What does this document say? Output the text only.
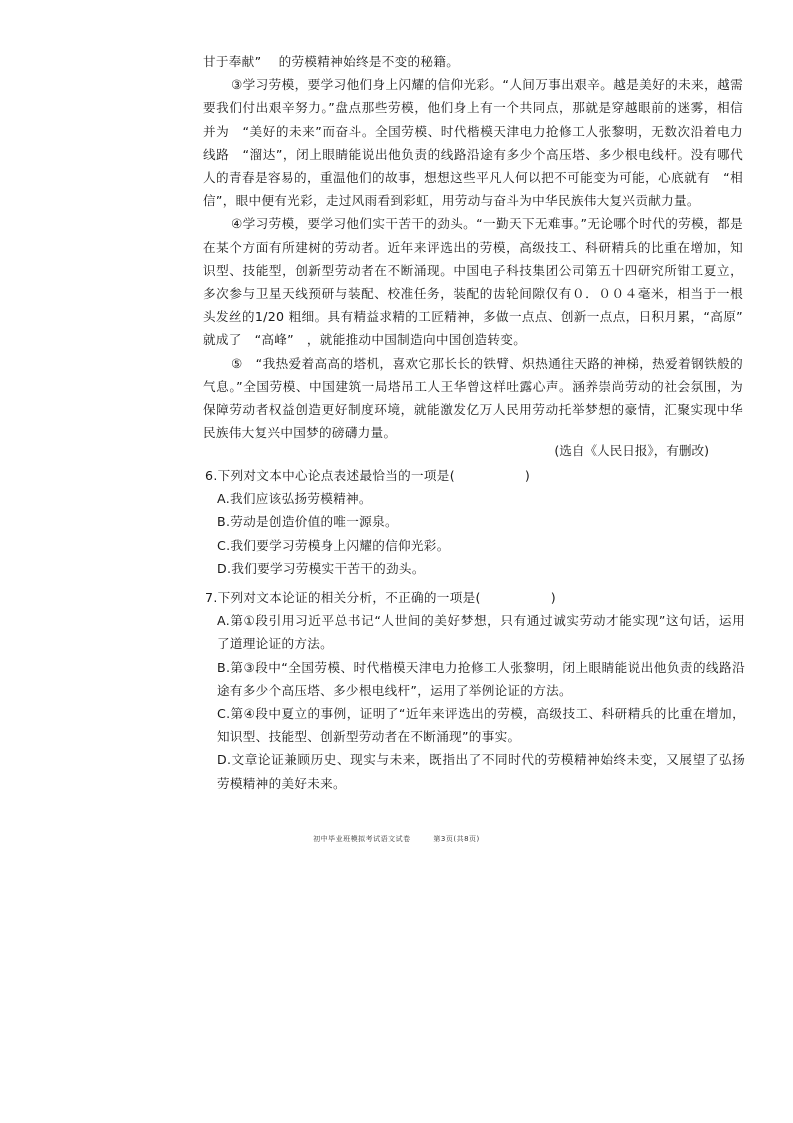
甘于奉献”　 的劳模精神始终是不变的秘籍。

③学习劳模，要学习他们身上闪耀的信仰光彩。“人间万事出艰辛。越是美好的未来，越需要我们付出艰辛努力。”盘点那些劳模，他们身上有一个共同点，那就是穿越眼前的迷雾，相信并为　“美好的未来”而奋斗。全国劳模、时代楷模天津电力抢修工人张黎明，无数次沿着电力线路　“溜达”，闭上眼睛能说出他负责的线路沿途有多少个高压塔、多少根电线杆。没有哪代人的青春是容易的，重温他们的故事，想想这些平凡人何以把不可能变为可能，心底就有　“相信”，眼中便有光彩，走过风雨看到彩虹，用劳动与奋斗为中华民族伟大复兴贡献力量。

④学习劳模，要学习他们实干苦干的劲头。“一勤天下无难事。”无论哪个时代的劳模，都是在某个方面有所建树的劳动者。近年来评选出的劳模，高级技工、科研精兵的比重在增加，知识型、技能型，创新型劳动者在不断涌现。中国电子科技集团公司第五十四研究所钳工夏立，多次参与卫星天线预研与装配、校准任务，装配的齿轮间隙仅有０．００４毫米，相当于一根头发丝的1/20 粗细。具有精益求精的工匠精神，多做一点点、创新一点点，日积月累，“高原”　 就成了　“高峰”　，就能推动中国制造向中国创造转变。

⑤　“我热爱着高高的塔机，喜欢它那长长的铁臂、炽热通往天路的神梯，热爱着钢铁般的气息。”全国劳模、中国建筑一局塔吊工人王华曾这样吐露心声。涵养崇尚劳动的社会氛围，为保障劳动者权益创造更好制度环境，就能激发亿万人民用劳动托举梦想的豪情，汇聚实现中华民族伟大复兴中国梦的磅礴力量。

(选自《人民日报》，有删改)

6.下列对文本中心论点表述最恰当的一项是(	)

A.我们应该弘扬劳模精神。

B.劳动是创造价值的唯一源泉。

C.我们要学习劳模身上闪耀的信仰光彩。

D.我们要学习劳模实干苦干的劲头。

7.下列对文本论证的相关分析，不正确的一项是(	)

A.第①段引用习近平总书记“人世间的美好梦想，只有通过诚实劳动才能实现”这句话，运用了道理论证的方法。

B.第③段中“全国劳模、时代楷模天津电力抢修工人张黎明，闭上眼睛能说出他负责的线路沿途有多少个高压塔、多少根电线杆”，运用了举例论证的方法。

C.第④段中夏立的事例，证明了“近年来评选出的劳模，高级技工、科研精兵的比重在增加，知识型、技能型、创新型劳动者在不断涌现”的事实。

D.文章论证兼顾历史、现实与未来，既指出了不同时代的劳模精神始终未变，又展望了弘扬劳模精神的美好未来。

初中毕业班模拟考试语文试卷	第3页(共8页)
